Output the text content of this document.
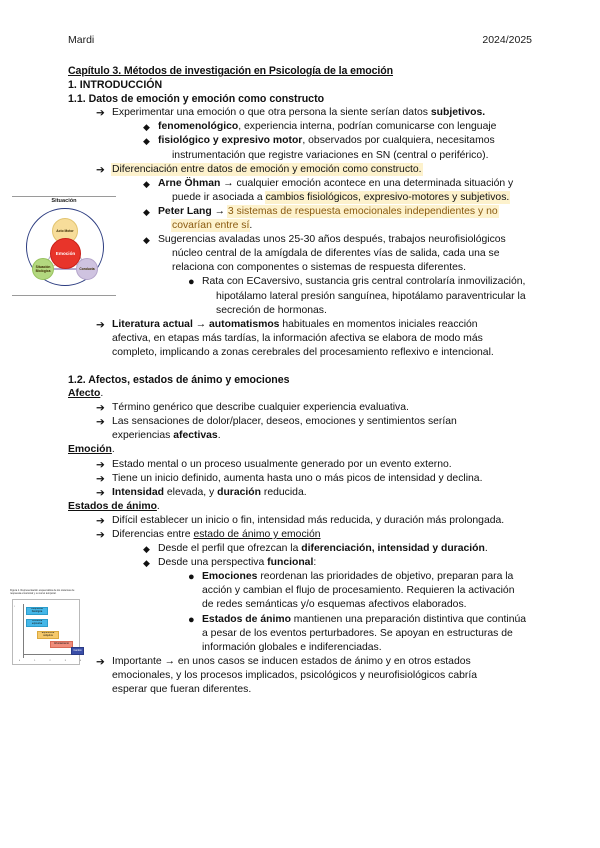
Mardi	2024/2025
Situación
Acto Motor
Situación Biológica	Conducta
Emoción
Figura 1. Representación esquemática de los sistemas de respuesta emocional y su curso temporal.
I
Respuesta fisiológica
Conducta expresiva
Experiencia subjetiva
Afrontamiento
Cambio
0	1	2	3	4
Capítulo 3. Métodos de investigación en Psicología de la emoción
1. INTRODUCCIÓN
1.1. Datos de emoción y emoción como constructo
➔ Experimentar una emoción o que otra persona la siente serían datos subjetivos.
◆ fenomenológico, experiencia interna, podrían comunicarse con lenguaje
◆ fisiológico y expresivo motor, observados por cualquiera, necesitamos
instrumentación que registre variaciones en SN (central o periférico).
➔ Diferenciación entre datos de emoción y emoción como constructo.
◆ Arne Öhman → cualquier emoción acontece en una determinada situación y
puede ir asociada a cambios fisiológicos, expresivo-motores y subjetivos.
◆ Peter Lang → 3 sistemas de respuesta emocionales independientes y no
covarían entre sí.
◆ Sugerencias avaladas unos 25-30 años después, trabajos neurofisiológicos
núcleo central de la amígdala de diferentes vías de salida, cada una se
relaciona con componentes o sistemas de respuesta diferentes.
● Rata con ECaversivo, sustancia gris central controlaría inmovilización,
hipotálamo lateral presión sanguínea, hipotálamo paraventricular la
secreción de hormonas.
➔ Literatura actual → automatismos habituales en momentos iniciales reacción
afectiva, en etapas más tardías, la información afectiva se elabora de modo más
completo, implicando a zonas cerebrales del procesamiento reflexivo e intencional.
1.2. Afectos, estados de ánimo y emociones
Afecto.
➔ Término genérico que describe cualquier experiencia evaluativa.
➔ Las sensaciones de dolor/placer, deseos, emociones y sentimientos serían
experiencias afectivas.
Emoción.
➔ Estado mental o un proceso usualmente generado por un evento externo.
➔ Tiene un inicio definido, aumenta hasta uno o más picos de intensidad y declina.
➔ Intensidad elevada, y duración reducida.
Estados de ánimo.
➔ Difícil establecer un inicio o fin, intensidad más reducida, y duración más prolongada.
➔ Diferencias entre estado de ánimo y emoción
◆ Desde el perfil que ofrezcan la diferenciación, intensidad y duración.
◆ Desde una perspectiva funcional:
● Emociones reordenan las prioridades de objetivo, preparan para la
acción y cambian el flujo de procesamiento. Requieren la activación
de redes semánticas y/o esquemas afectivos elaborados.
● Estados de ánimo mantienen una preparación distintiva que continúa
a pesar de los eventos perturbadores. Se apoyan en estructuras de
información globales e indiferenciadas.
➔ Importante → en unos casos se inducen estados de ánimo y en otros estados
emocionales, y los procesos implicados, psicológicos y neurofisiológicos cabría
esperar que fueran diferentes.
